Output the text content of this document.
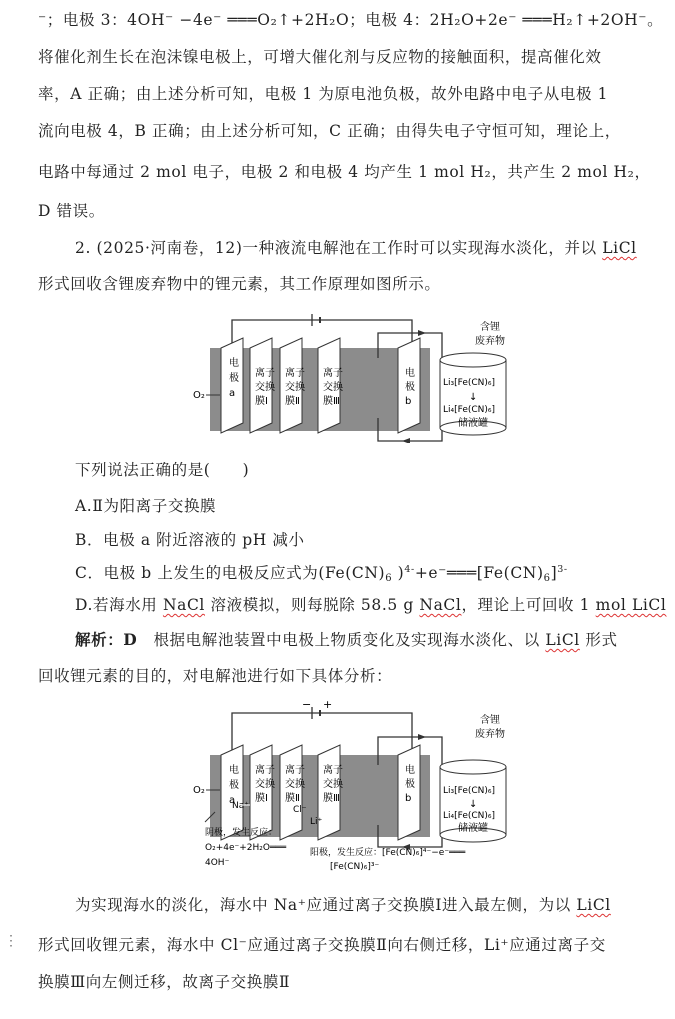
⁻；电极 3：4OH⁻ −4e⁻ ═══O₂↑+2H₂O；电极 4：2H₂O+2e⁻ ═══H₂↑+2OH⁻。
将催化剂生长在泡沫镍电极上，可增大催化剂与反应物的接触面积，提高催化效
率，A 正确；由上述分析可知，电极 1 为原电池负极，故外电路中电子从电极 1
流向电极 4，B 正确；由上述分析可知，C 正确；由得失电子守恒可知，理论上，
电路中每通过 2 mol 电子，电极 2 和电极 4 均产生 1 mol H₂，共产生 2 mol H₂，
D 错误。
2. (2025·河南卷，12)一种液流电解池在工作时可以实现海水淡化，并以 LiCl
形式回收含锂废弃物中的锂元素，其工作原理如图所示。
电
极
a
离子
交换
膜Ⅰ
离子
交换
膜Ⅱ
离子
交换
膜Ⅲ
电
极
b
O₂
含锂
废弃物
Li₃[Fe(CN)₆]
↓
Li₄[Fe(CN)₆]
储液罐
下列说法正确的是(　　)
A.Ⅱ为阳离子交换膜
B．电极 a 附近溶液的 pH 减小
C．电极 b 上发生的电极反应式为($Fe(CN)_6$ )$^{4-}+e^-═══[Fe(CN)_6]^{3-}$
D.若海水用 NaCl 溶液模拟，则每脱除 58.5 g NaCl，理论上可回收 1 mol LiCl
解析：D　根据电解池装置中电极上物质变化及实现海水淡化、以 LiCl 形式
回收锂元素的目的，对电解池进行如下具体分析：
− +
电
极
a
离子
交换
膜Ⅰ
离子
交换
膜Ⅱ
离子
交换
膜Ⅲ
电
极
b
O₂
Na⁺	Cl⁻
Li⁺
含锂
废弃物
Li₃[Fe(CN)₆]
↓
Li₄[Fe(CN)₆]
储液罐
阴极，发生反应：
O₂+4e⁻+2H₂O═══
4OH⁻
阳极，发生反应：[Fe(CN)₆]⁴⁻−e⁻═══
[Fe(CN)₆]³⁻
为实现海水的淡化，海水中 Na⁺应通过离子交换膜Ⅰ进入最左侧，为以 LiCl
形式回收锂元素，海水中 Cl⁻应通过离子交换膜Ⅱ向右侧迁移，Li⁺应通过离子交
换膜Ⅲ向左侧迁移，故离子交换膜Ⅱ
⋮
